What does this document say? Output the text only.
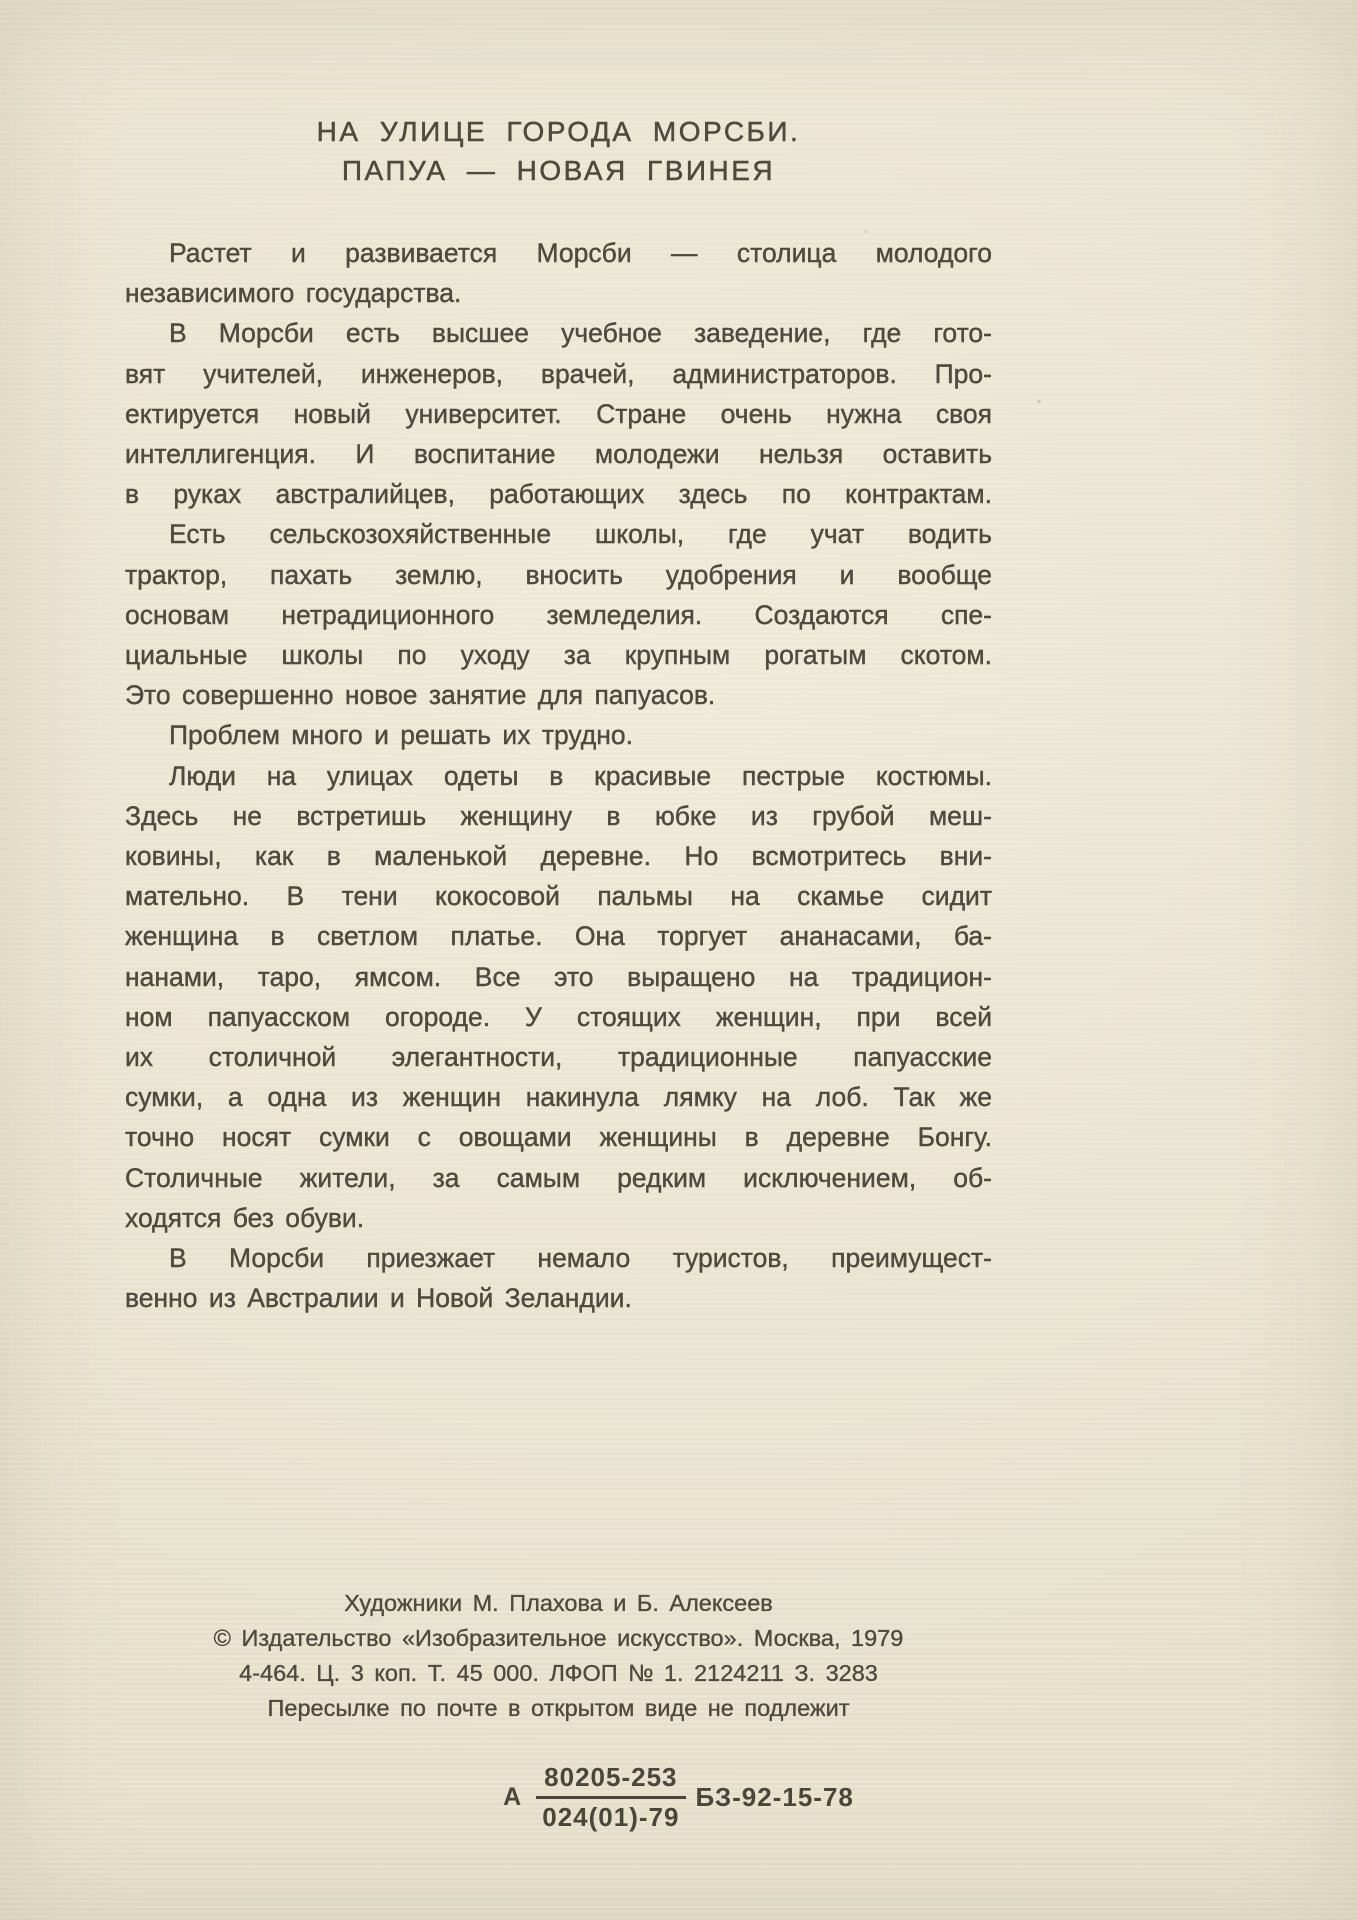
НА УЛИЦЕ ГОРОДА МОРСБИ.
ПАПУА — НОВАЯ ГВИНЕЯ
Растет и развивается Морсби — столица молодого
независимого государства.
В Морсби есть высшее учебное заведение, где гото-
вят учителей, инженеров, врачей, администраторов. Про-
ектируется новый университет. Стране очень нужна своя
интеллигенция. И воспитание молодежи нельзя оставить
в руках австралийцев, работающих здесь по контрактам.
Есть сельскозохяйственные школы, где учат водить
трактор, пахать землю, вносить удобрения и вообще
основам нетрадиционного земледелия. Создаются спе-
циальные школы по уходу за крупным рогатым скотом.
Это совершенно новое занятие для папуасов.
Проблем много и решать их трудно.
Люди на улицах одеты в красивые пестрые костюмы.
Здесь не встретишь женщину в юбке из грубой меш-
ковины, как в маленькой деревне. Но всмотритесь вни-
мательно. В тени кокосовой пальмы на скамье сидит
женщина в светлом платье. Она торгует ананасами, ба-
нанами, таро, ямсом. Все это выращено на традицион-
ном папуасском огороде. У стоящих женщин, при всей
их столичной элегантности, традиционные папуасские
сумки, а одна из женщин накинула лямку на лоб. Так же
точно носят сумки с овощами женщины в деревне Бонгу.
Столичные жители, за самым редким исключением, об-
ходятся без обуви.
В Морсби приезжает немало туристов, преимущест-
венно из Австралии и Новой Зеландии.
Художники М. Плахова и Б. Алексеев
© Издательство «Изобразительное искусство». Москва, 1979
4-464. Ц. 3 коп. Т. 45 000. ЛФОП № 1. 2124211 З. 3283
Пересылке по почте в открытом виде не подлежит
А $\frac{80205-253}{024(01)-79} БЗ-92-15-78$
